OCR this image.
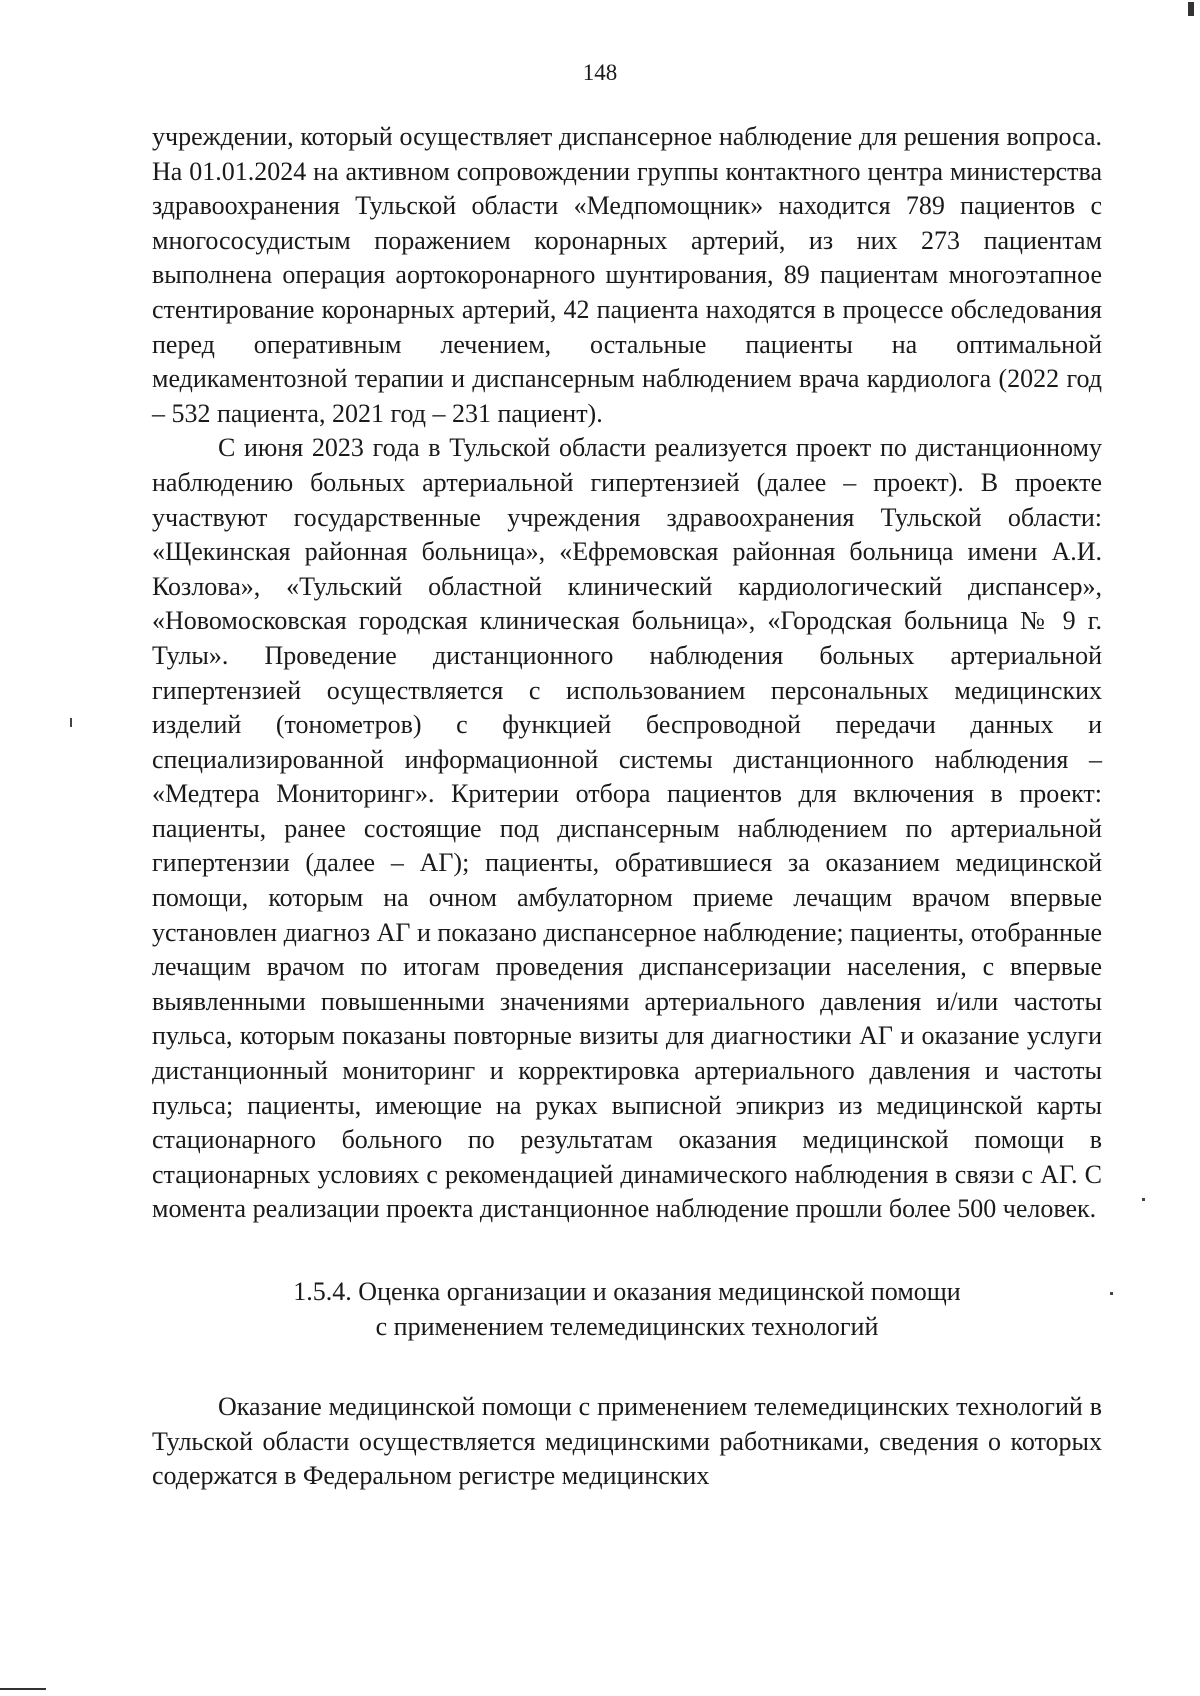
148

учреждении, который осуществляет диспансерное наблюдение для решения вопроса. На 01.01.2024 на активном сопровождении группы контактного центра министерства здравоохранения Тульской области «Медпомощник» находится 789 пациентов с многососудистым поражением коронарных артерий, из них 273 пациентам выполнена операция аортокоронарного шунтирования, 89 пациентам многоэтапное стентирование коронарных артерий, 42 пациента находятся в процессе обследования перед оперативным лечением, остальные пациенты на оптимальной медикаментозной терапии и диспансерным наблюдением врача кардиолога (2022 год – 532 пациента, 2021 год – 231 пациент).

С июня 2023 года в Тульской области реализуется проект по дистанционному наблюдению больных артериальной гипертензией (далее – проект). В проекте участвуют государственные учреждения здравоохранения Тульской области: «Щекинская районная больница», «Ефремовская районная больница имени А.И. Козлова», «Тульский областной клинический кардиологический диспансер», «Новомосковская городская клиническая больница», «Городская больница № 9 г. Тулы». Проведение дистанционного наблюдения больных артериальной гипертензией осуществляется с использованием персональных медицинских изделий (тонометров) с функцией беспроводной передачи данных и специализированной информационной системы дистанционного наблюдения – «Медтера Мониторинг». Критерии отбора пациентов для включения в проект: пациенты, ранее состоящие под диспансерным наблюдением по артериальной гипертензии (далее – АГ); пациенты, обратившиеся за оказанием медицинской помощи, которым на очном амбулаторном приеме лечащим врачом впервые установлен диагноз АГ и показано диспансерное наблюдение; пациенты, отобранные лечащим врачом по итогам проведения диспансеризации населения, с впервые выявленными повышенными значениями артериального давления и/или частоты пульса, которым показаны повторные визиты для диагностики АГ и оказание услуги дистанционный мониторинг и корректировка артериального давления и частоты пульса; пациенты, имеющие на руках выписной эпикриз из медицинской карты стационарного больного по результатам оказания медицинской помощи в стационарных условиях с рекомендацией динамического наблюдения в связи с АГ. С момента реализации проекта дистанционное наблюдение прошли более 500 человек.

1.5.4. Оценка организации и оказания медицинской помощи
с применением телемедицинских технологий

Оказание медицинской помощи с применением телемедицинских технологий в Тульской области осуществляется медицинскими работниками, сведения о которых содержатся в Федеральном регистре медицинских
